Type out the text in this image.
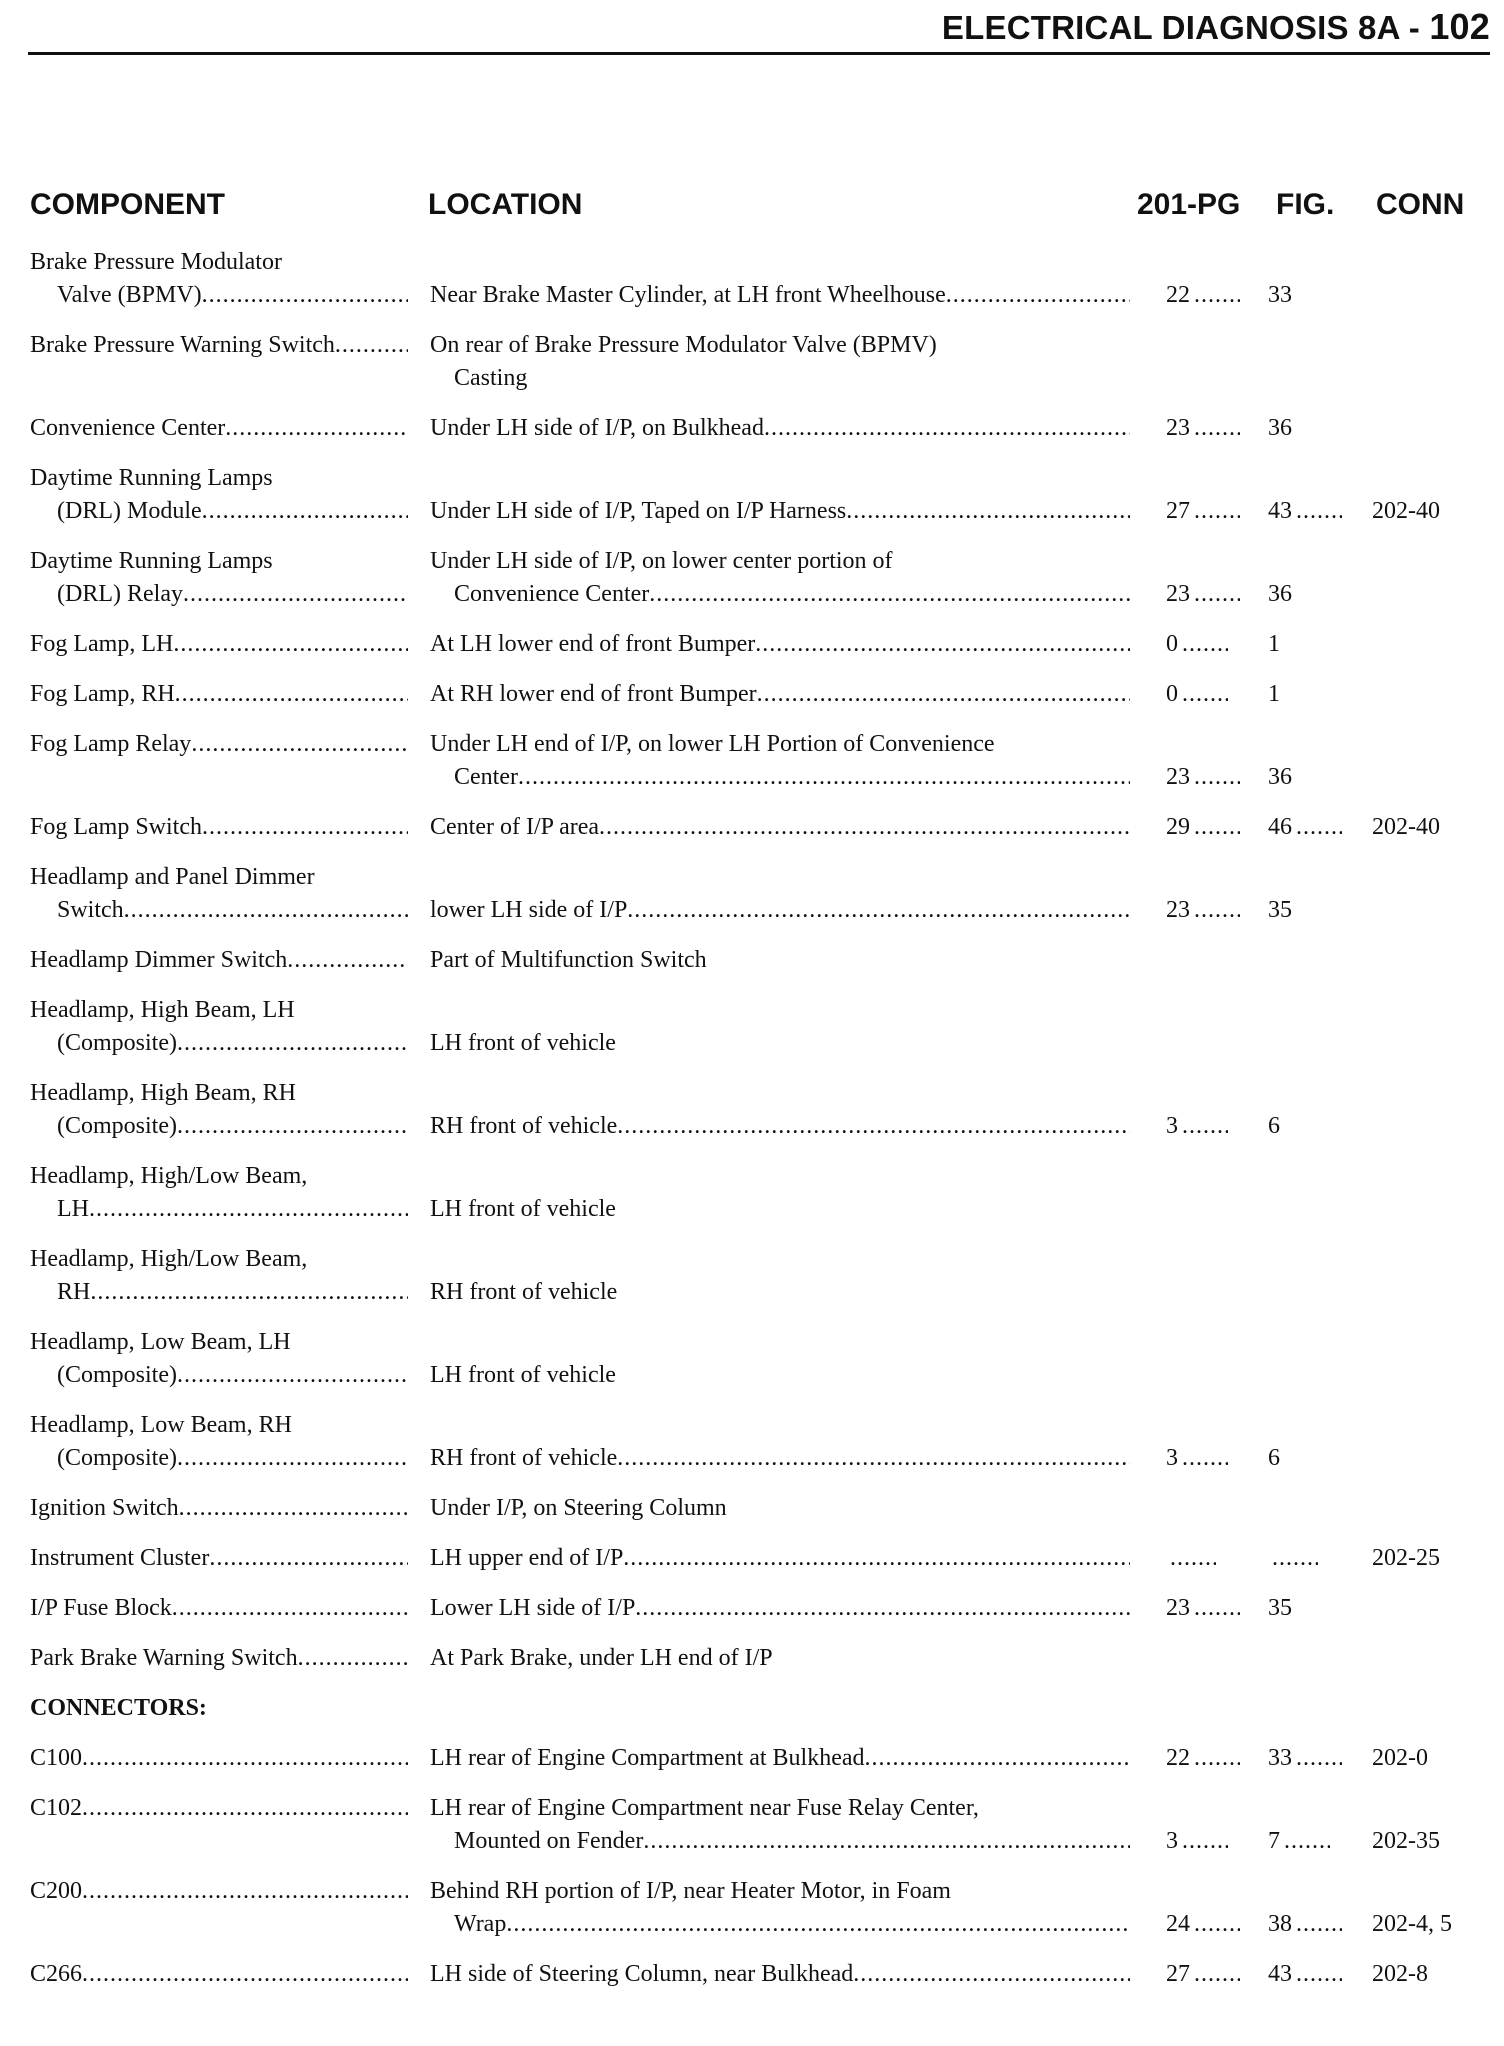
ELECTRICAL DIAGNOSIS 8A - 102
COMPONENT	LOCATION	201-PG FIG. CONN
Brake Pressure Modulator
Valve (BPMV) .....
	Near Brake Master Cylinder, at LH front Wheelhouse .....	22 .....	33
Brake Pressure Warning Switch .....	On rear of Brake Pressure Modulator Valve (BPMV)
Casting
Convenience Center .....	Under LH side of I/P, on Bulkhead .....	23 .....	36
Daytime Running Lamps
(DRL) Module .....
	Under LH side of I/P, Taped on I/P Harness .....	27 .....	43 .....	202-40
Daytime Running Lamps
(DRL) Relay .....
Under LH side of I/P, on lower center portion of
Convenience Center .....	23 .....	36
Fog Lamp, LH .....	At LH lower end of front Bumper .....	0 .....	1
Fog Lamp, RH .....	At RH lower end of front Bumper .....	0 .....	1
Fog Lamp Relay .....	Under LH end of I/P, on lower LH Portion of Convenience
Center .....	23 .....	36
Fog Lamp Switch .....	Center of I/P area .....	29 .....	46 .....	202-40
Headlamp and Panel Dimmer
Switch .....
	lower LH side of I/P .....	23 .....	35
Headlamp Dimmer Switch .....	Part of Multifunction Switch
Headlamp, High Beam, LH
(Composite) .....
	LH front of vehicle
Headlamp, High Beam, RH
(Composite) .....
	RH front of vehicle .....	3 .....	6
Headlamp, High/Low Beam,
LH .....
	LH front of vehicle
Headlamp, High/Low Beam,
RH .....
	RH front of vehicle
Headlamp, Low Beam, LH
(Composite) .....
	LH front of vehicle
Headlamp, Low Beam, RH
(Composite) .....
	RH front of vehicle .....	3 .....	6
Ignition Switch .....	Under I/P, on Steering Column
Instrument Cluster .....	LH upper end of I/P ..... ..... .....	202-25
I/P Fuse Block .....	Lower LH side of I/P .....	23 .....	35
Park Brake Warning Switch .....	At Park Brake, under LH end of I/P
CONNECTORS:
C100 .....	LH rear of Engine Compartment at Bulkhead .....	22 .....	33 .....	202-0
C102 .....	LH rear of Engine Compartment near Fuse Relay Center,
Mounted on Fender .....	3 .....	7 .....	202-35
C200 .....	Behind RH portion of I/P, near Heater Motor, in Foam
Wrap .....	24 .....	38 .....	202-4, 5
C266 .....	LH side of Steering Column, near Bulkhead .....	27 .....	43 .....	202-8
